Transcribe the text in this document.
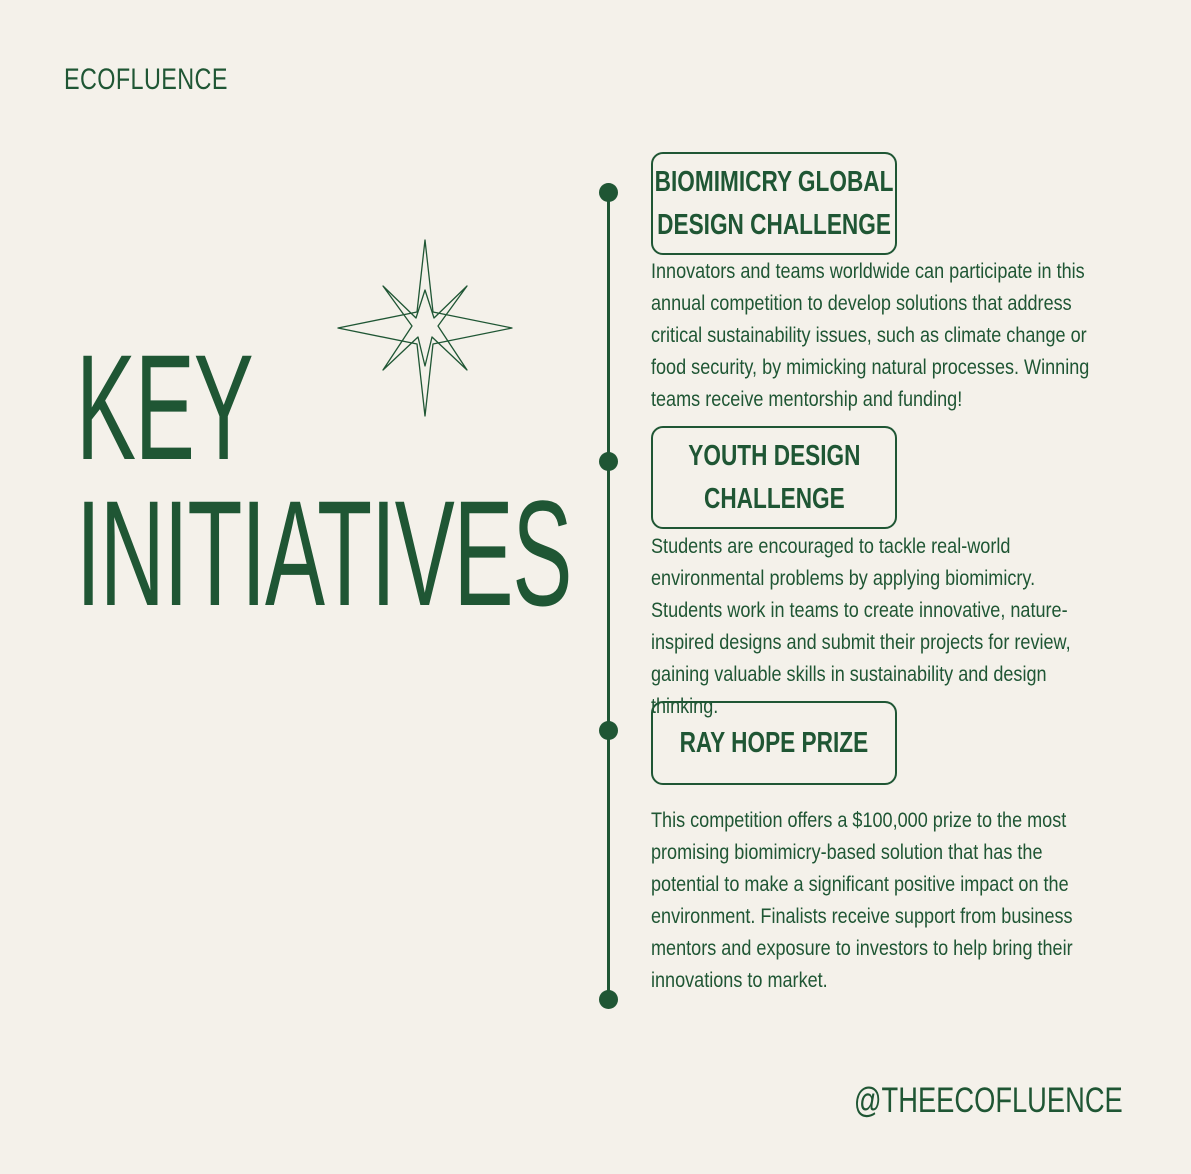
ECOFLUENCE
KEY
INITIATIVES
BIOMIMICRY GLOBAL
DESIGN CHALLENGE
Innovators and teams worldwide can participate in this annual competition to develop solutions that address critical sustainability issues, such as climate change or food security, by mimicking natural processes. Winning teams receive mentorship and funding!
YOUTH DESIGN
CHALLENGE
Students are encouraged to tackle real-world environmental problems by applying biomimicry. Students work in teams to create innovative, nature-inspired designs and submit their projects for review, gaining valuable skills in sustainability and design thinking.
RAY HOPE PRIZE
This competition offers a $100,000 prize to the most promising biomimicry-based solution that has the potential to make a significant positive impact on the environment. Finalists receive support from business mentors and exposure to investors to help bring their innovations to market.
@THEECOFLUENCE
